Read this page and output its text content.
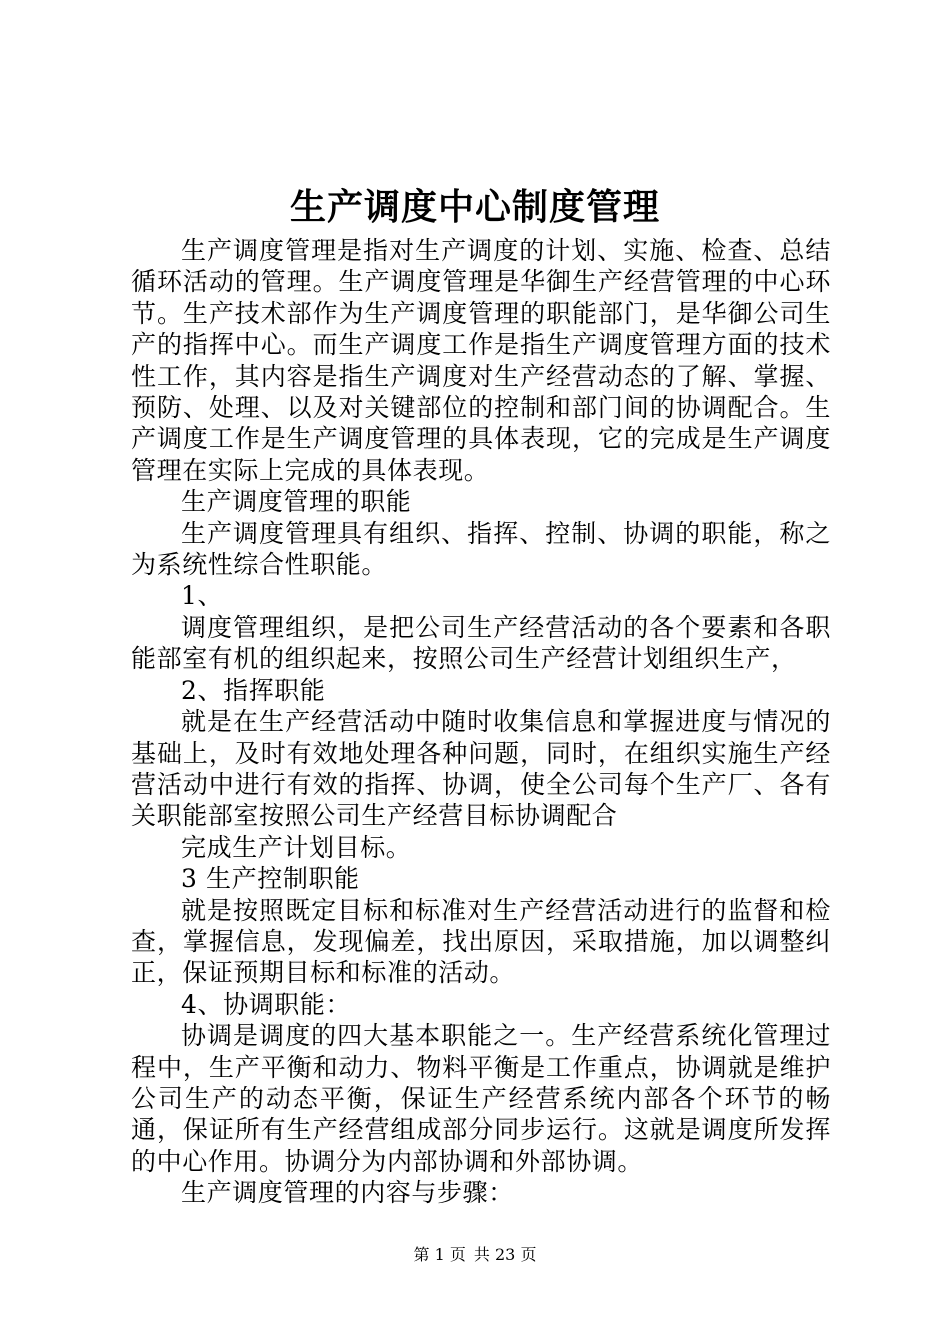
生产调度中心制度管理

生产调度管理是指对生产调度的计划、实施、检查、总结循环活动的管理。生产调度管理是华御生产经营管理的中心环节。生产技术部作为生产调度管理的职能部门，是华御公司生产的指挥中心。而生产调度工作是指生产调度管理方面的技术性工作，其内容是指生产调度对生产经营动态的了解、掌握、预防、处理、以及对关键部位的控制和部门间的协调配合。生产调度工作是生产调度管理的具体表现，它的完成是生产调度管理在实际上完成的具体表现。

生产调度管理的职能

生产调度管理具有组织、指挥、控制、协调的职能，称之为系统性综合性职能。

1、

调度管理组织，是把公司生产经营活动的各个要素和各职能部室有机的组织起来，按照公司生产经营计划组织生产，

2、指挥职能

就是在生产经营活动中随时收集信息和掌握进度与情况的基础上，及时有效地处理各种问题，同时，在组织实施生产经营活动中进行有效的指挥、协调，使全公司每个生产厂、各有关职能部室按照公司生产经营目标协调配合

完成生产计划目标。

3 生产控制职能

就是按照既定目标和标准对生产经营活动进行的监督和检查，掌握信息，发现偏差，找出原因，采取措施，加以调整纠正，保证预期目标和标准的活动。

4、协调职能：

协调是调度的四大基本职能之一。生产经营系统化管理过程中，生产平衡和动力、物料平衡是工作重点，协调就是维护公司生产的动态平衡，保证生产经营系统内部各个环节的畅通，保证所有生产经营组成部分同步运行。这就是调度所发挥的中心作用。协调分为内部协调和外部协调。

生产调度管理的内容与步骤：

第 1 页 共 23 页
